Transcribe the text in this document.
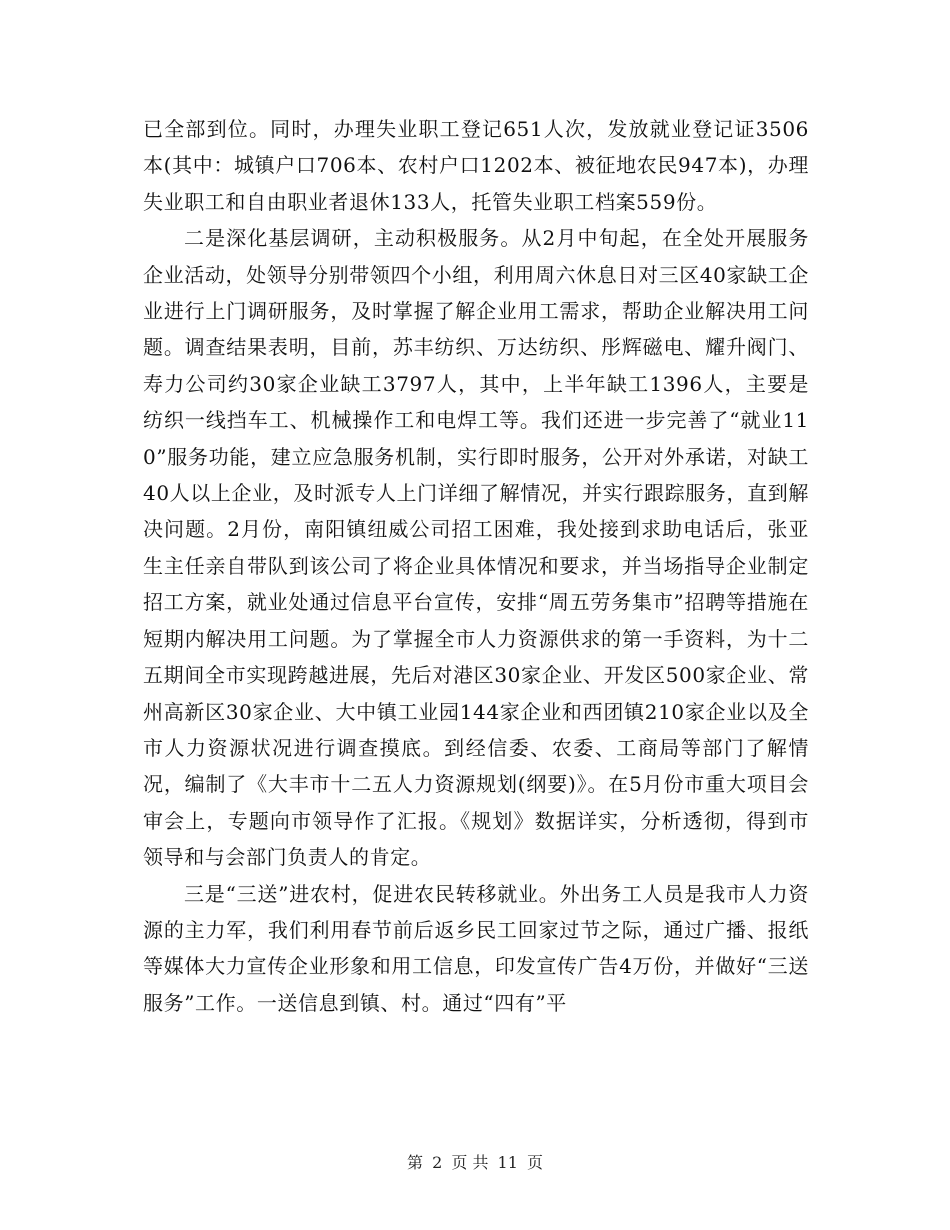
已全部到位。同时，办理失业职工登记651人次，发放就业登记证3506本(其中：城镇户口706本、农村户口1202本、被征地农民947本)，办理失业职工和自由职业者退休133人，托管失业职工档案559份。

二是深化基层调研，主动积极服务。从2月中旬起，在全处开展服务企业活动，处领导分别带领四个小组，利用周六休息日对三区40家缺工企业进行上门调研服务，及时掌握了解企业用工需求，帮助企业解决用工问题。调查结果表明，目前，苏丰纺织、万达纺织、彤辉磁电、耀升阀门、寿力公司约30家企业缺工3797人，其中，上半年缺工1396人，主要是纺织一线挡车工、机械操作工和电焊工等。我们还进一步完善了“就业110”服务功能，建立应急服务机制，实行即时服务，公开对外承诺，对缺工40人以上企业，及时派专人上门详细了解情况，并实行跟踪服务，直到解决问题。2月份，南阳镇纽威公司招工困难，我处接到求助电话后，张亚生主任亲自带队到该公司了将企业具体情况和要求，并当场指导企业制定招工方案，就业处通过信息平台宣传，安排“周五劳务集市”招聘等措施在短期内解决用工问题。为了掌握全市人力资源供求的第一手资料，为十二五期间全市实现跨越进展，先后对港区30家企业、开发区500家企业、常州高新区30家企业、大中镇工业园144家企业和西团镇210家企业以及全市人力资源状况进行调查摸底。到经信委、农委、工商局等部门了解情况，编制了《大丰市十二五人力资源规划(纲要)》。在5月份市重大项目会审会上，专题向市领导作了汇报。《规划》数据详实，分析透彻，得到市领导和与会部门负责人的肯定。

三是“三送”进农村，促进农民转移就业。外出务工人员是我市人力资源的主力军，我们利用春节前后返乡民工回家过节之际，通过广播、报纸等媒体大力宣传企业形象和用工信息，印发宣传广告4万份，并做好“三送服务”工作。一送信息到镇、村。通过“四有”平

第 2 页 共 11 页
